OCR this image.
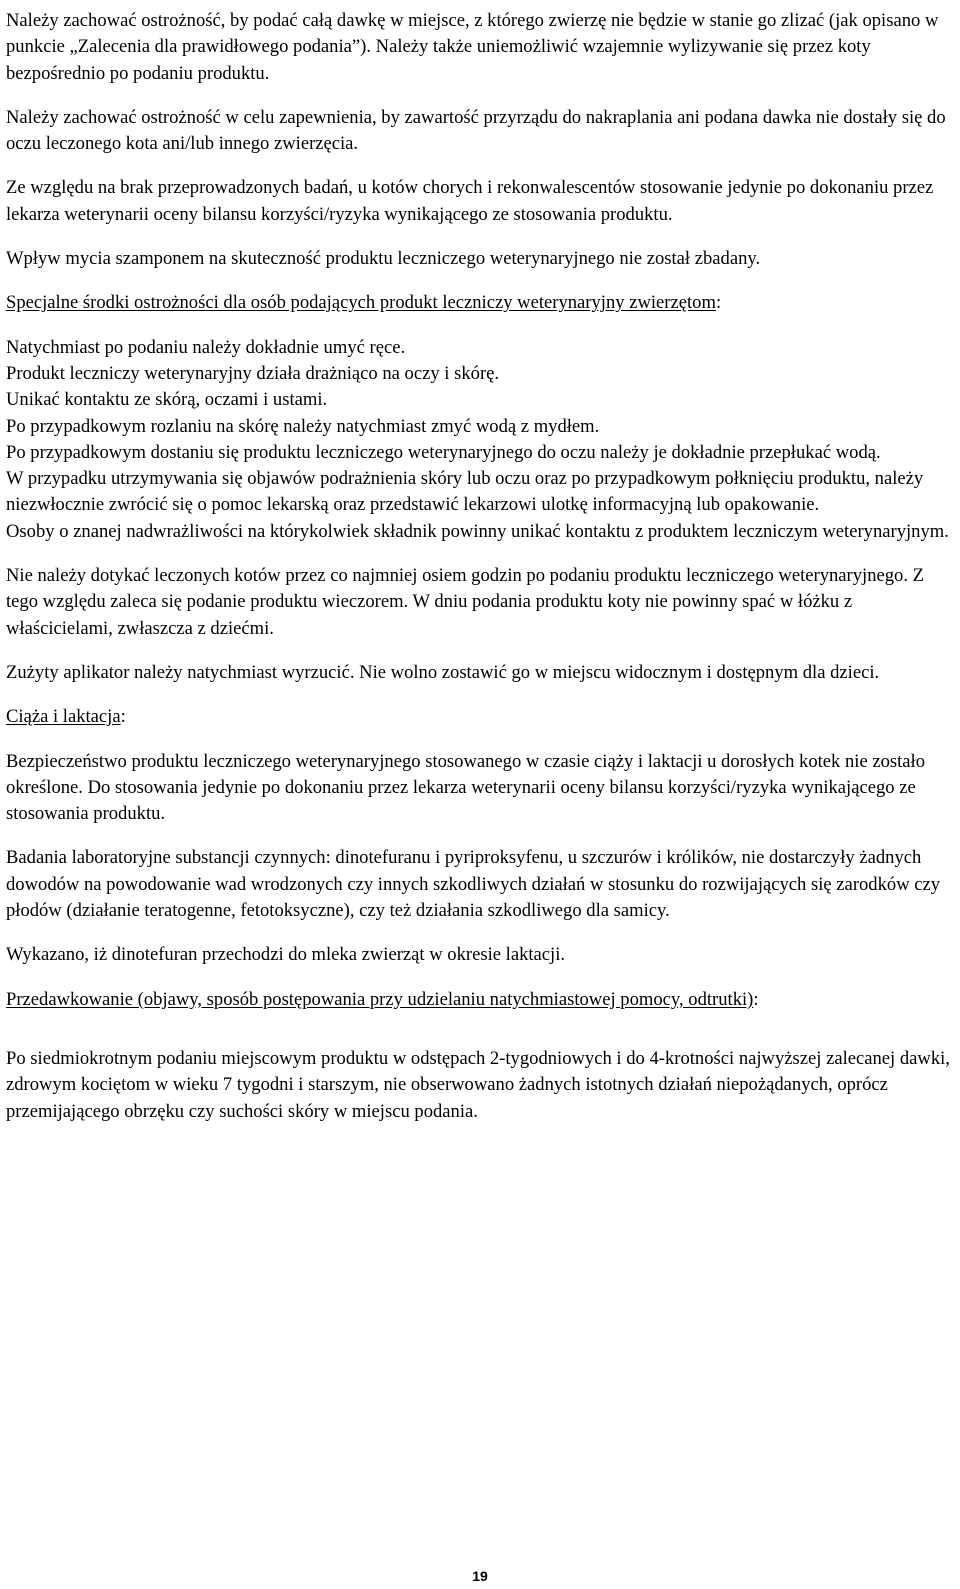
Należy zachować ostrożność, by podać całą dawkę w miejsce, z którego zwierzę nie będzie w stanie go zlizać (jak opisano w punkcie „Zalecenia dla prawidłowego podania”). Należy także uniemożliwić wzajemnie wylizywanie się przez koty bezpośrednio po podaniu produktu.

Należy zachować ostrożność w celu zapewnienia, by zawartość przyrządu do nakraplania ani podana dawka nie dostały się do oczu leczonego kota ani/lub innego zwierzęcia.

Ze względu na brak przeprowadzonych badań, u kotów chorych i rekonwalescentów stosowanie jedynie po dokonaniu przez lekarza weterynarii oceny bilansu korzyści/ryzyka wynikającego ze stosowania produktu.

Wpływ mycia szamponem na skuteczność produktu leczniczego weterynaryjnego nie został zbadany.

Specjalne środki ostrożności dla osób podających produkt leczniczy weterynaryjny zwierzętom:

Natychmiast po podaniu należy dokładnie umyć ręce.

Produkt leczniczy weterynaryjny działa drażniąco na oczy i skórę.

Unikać kontaktu ze skórą, oczami i ustami.

Po przypadkowym rozlaniu na skórę należy natychmiast zmyć wodą z mydłem.

Po przypadkowym dostaniu się produktu leczniczego weterynaryjnego do oczu należy je dokładnie przepłukać wodą.

W przypadku utrzymywania się objawów podrażnienia skóry lub oczu oraz po przypadkowym połknięciu produktu, należy niezwłocznie zwrócić się o pomoc lekarską oraz przedstawić lekarzowi ulotkę informacyjną lub opakowanie.

Osoby o znanej nadwrażliwości na którykolwiek składnik powinny unikać kontaktu z produktem leczniczym weterynaryjnym.

Nie należy dotykać leczonych kotów przez co najmniej osiem godzin po podaniu produktu leczniczego weterynaryjnego. Z tego względu zaleca się podanie produktu wieczorem. W dniu podania produktu koty nie powinny spać w łóżku z właścicielami, zwłaszcza z dziećmi.

Zużyty aplikator należy natychmiast wyrzucić. Nie wolno zostawić go w miejscu widocznym i dostępnym dla dzieci.

Ciąża i laktacja:

Bezpieczeństwo produktu leczniczego weterynaryjnego stosowanego w czasie ciąży i laktacji u dorosłych kotek nie zostało określone. Do stosowania jedynie po dokonaniu przez lekarza weterynarii oceny bilansu korzyści/ryzyka wynikającego ze stosowania produktu.

Badania laboratoryjne substancji czynnych: dinotefuranu i pyriproksyfenu, u szczurów i królików, nie dostarczyły żadnych dowodów na powodowanie wad wrodzonych czy innych szkodliwych działań w stosunku do rozwijających się zarodków czy płodów (działanie teratogenne, fetotoksyczne), czy też działania szkodliwego dla samicy.

Wykazano, iż dinotefuran przechodzi do mleka zwierząt w okresie laktacji.

Przedawkowanie (objawy, sposób postępowania przy udzielaniu natychmiastowej pomocy, odtrutki):

Po siedmiokrotnym podaniu miejscowym produktu w odstępach 2-tygodniowych i do 4-krotności najwyższej zalecanej dawki, zdrowym kociętom w wieku 7 tygodni i starszym, nie obserwowano żadnych istotnych działań niepożądanych, oprócz przemijającego obrzęku czy suchości skóry w miejscu podania.

19
